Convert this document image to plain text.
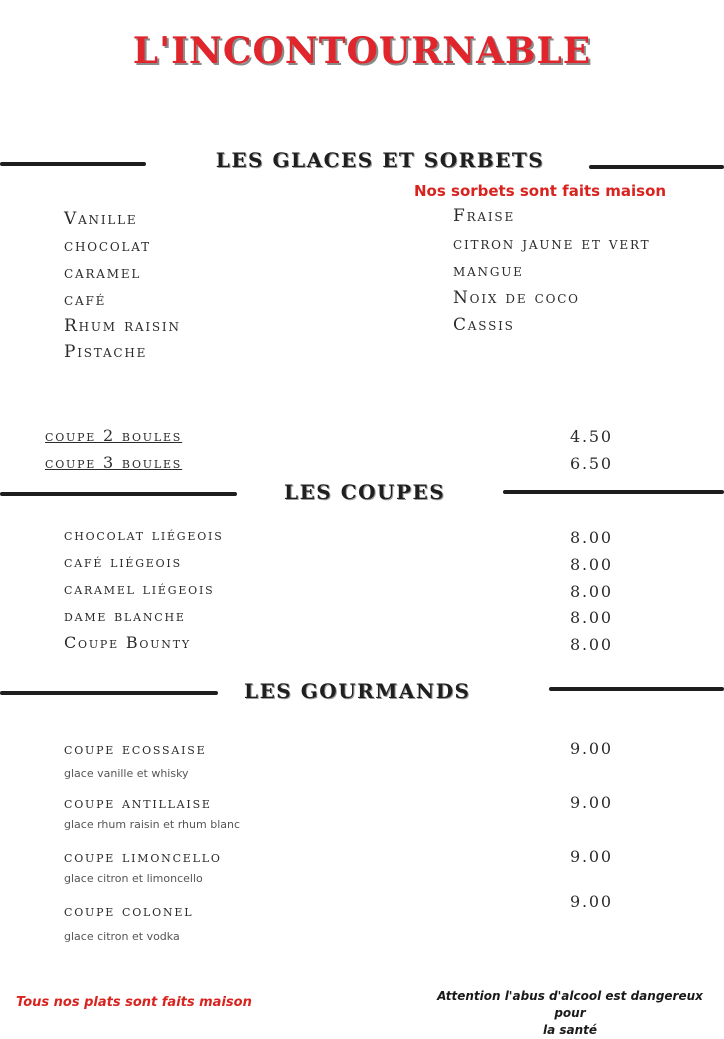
L'INCONTOURNABLE
LES GLACES ET SORBETS
Nos sorbets sont faits maison
Vanille
chocolat
caramel
café
Rhum raisin
Pistache
Fraise
citron jaune et vert
mangue
Noix de coco
Cassis
coupe 2 boules	4.50
coupe 3 boules	6.50
LES COUPES
chocolat liégeois	8.00
café liégeois	8.00
caramel liégeois	8.00
dame blanche	8.00
Coupe Bounty	8.00
LES GOURMANDS
coupe ecossaise
glace vanille et whisky
9.00
coupe antillaise
glace rhum raisin et rhum blanc
9.00
coupe limoncello
glace citron et limoncello
9.00
coupe colonel
glace citron et vodka
9.00
Tous nos plats sont faits maison	Attention l'abus d'alcool est dangereux pour
la santé
